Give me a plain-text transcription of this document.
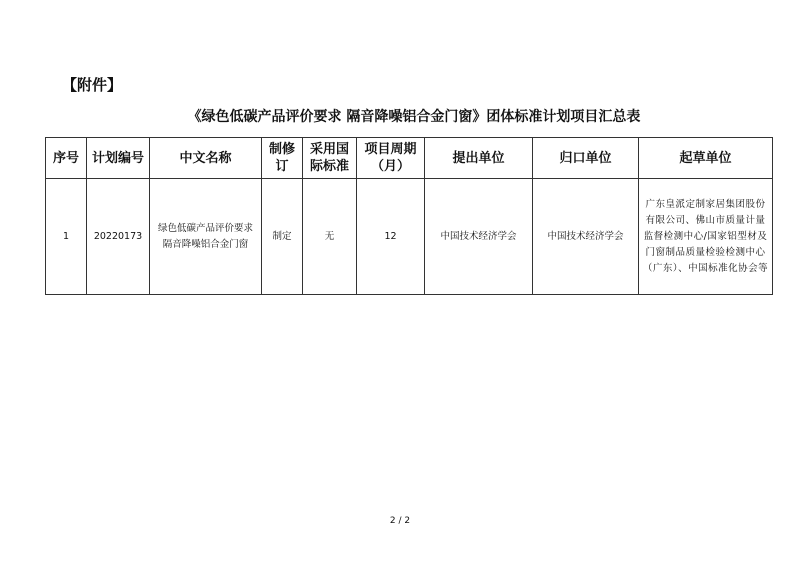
【附件】
《绿色低碳产品评价要求 隔音降噪铝合金门窗》团体标准计划项目汇总表
序号	计划编号	中文名称	制修订	采用国际标准	项目周期（月）	提出单位	归口单位	起草单位
1	20220173	绿色低碳产品评价要求 隔音降噪铝合金门窗	制定	无	12	中国技术经济学会	中国技术经济学会	广东皇派定制家居集团股份有限公司、佛山市质量计量监督检测中心/国家铝型材及门窗制品质量检验检测中心（广东）、中国标准化协会等
2 / 2
